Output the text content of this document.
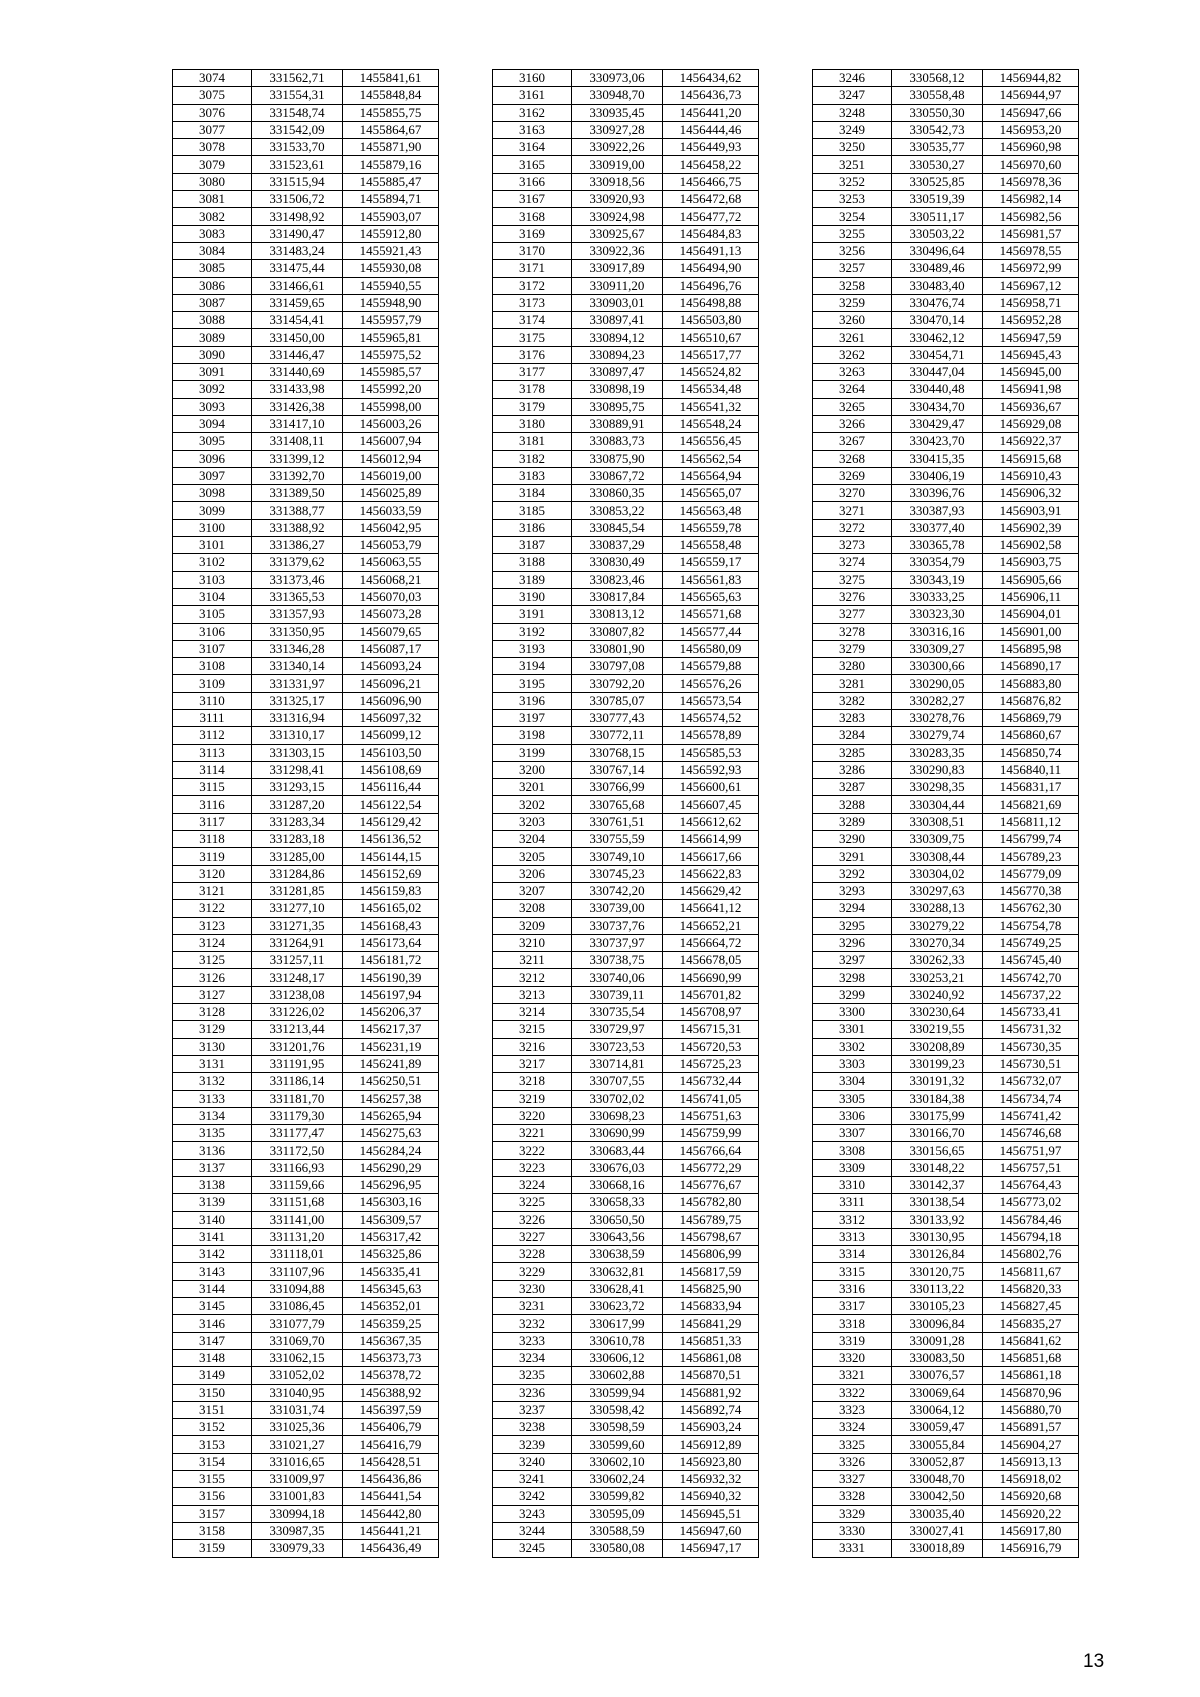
3074	331562,71	1455841,61
3075	331554,31	1455848,84
3076	331548,74	1455855,75
3077	331542,09	1455864,67
3078	331533,70	1455871,90
3079	331523,61	1455879,16
3080	331515,94	1455885,47
3081	331506,72	1455894,71
3082	331498,92	1455903,07
3083	331490,47	1455912,80
3084	331483,24	1455921,43
3085	331475,44	1455930,08
3086	331466,61	1455940,55
3087	331459,65	1455948,90
3088	331454,41	1455957,79
3089	331450,00	1455965,81
3090	331446,47	1455975,52
3091	331440,69	1455985,57
3092	331433,98	1455992,20
3093	331426,38	1455998,00
3094	331417,10	1456003,26
3095	331408,11	1456007,94
3096	331399,12	1456012,94
3097	331392,70	1456019,00
3098	331389,50	1456025,89
3099	331388,77	1456033,59
3100	331388,92	1456042,95
3101	331386,27	1456053,79
3102	331379,62	1456063,55
3103	331373,46	1456068,21
3104	331365,53	1456070,03
3105	331357,93	1456073,28
3106	331350,95	1456079,65
3107	331346,28	1456087,17
3108	331340,14	1456093,24
3109	331331,97	1456096,21
3110	331325,17	1456096,90
3111	331316,94	1456097,32
3112	331310,17	1456099,12
3113	331303,15	1456103,50
3114	331298,41	1456108,69
3115	331293,15	1456116,44
3116	331287,20	1456122,54
3117	331283,34	1456129,42
3118	331283,18	1456136,52
3119	331285,00	1456144,15
3120	331284,86	1456152,69
3121	331281,85	1456159,83
3122	331277,10	1456165,02
3123	331271,35	1456168,43
3124	331264,91	1456173,64
3125	331257,11	1456181,72
3126	331248,17	1456190,39
3127	331238,08	1456197,94
3128	331226,02	1456206,37
3129	331213,44	1456217,37
3130	331201,76	1456231,19
3131	331191,95	1456241,89
3132	331186,14	1456250,51
3133	331181,70	1456257,38
3134	331179,30	1456265,94
3135	331177,47	1456275,63
3136	331172,50	1456284,24
3137	331166,93	1456290,29
3138	331159,66	1456296,95
3139	331151,68	1456303,16
3140	331141,00	1456309,57
3141	331131,20	1456317,42
3142	331118,01	1456325,86
3143	331107,96	1456335,41
3144	331094,88	1456345,63
3145	331086,45	1456352,01
3146	331077,79	1456359,25
3147	331069,70	1456367,35
3148	331062,15	1456373,73
3149	331052,02	1456378,72
3150	331040,95	1456388,92
3151	331031,74	1456397,59
3152	331025,36	1456406,79
3153	331021,27	1456416,79
3154	331016,65	1456428,51
3155	331009,97	1456436,86
3156	331001,83	1456441,54
3157	330994,18	1456442,80
3158	330987,35	1456441,21
3159	330979,33	1456436,49
3160	330973,06	1456434,62
3161	330948,70	1456436,73
3162	330935,45	1456441,20
3163	330927,28	1456444,46
3164	330922,26	1456449,93
3165	330919,00	1456458,22
3166	330918,56	1456466,75
3167	330920,93	1456472,68
3168	330924,98	1456477,72
3169	330925,67	1456484,83
3170	330922,36	1456491,13
3171	330917,89	1456494,90
3172	330911,20	1456496,76
3173	330903,01	1456498,88
3174	330897,41	1456503,80
3175	330894,12	1456510,67
3176	330894,23	1456517,77
3177	330897,47	1456524,82
3178	330898,19	1456534,48
3179	330895,75	1456541,32
3180	330889,91	1456548,24
3181	330883,73	1456556,45
3182	330875,90	1456562,54
3183	330867,72	1456564,94
3184	330860,35	1456565,07
3185	330853,22	1456563,48
3186	330845,54	1456559,78
3187	330837,29	1456558,48
3188	330830,49	1456559,17
3189	330823,46	1456561,83
3190	330817,84	1456565,63
3191	330813,12	1456571,68
3192	330807,82	1456577,44
3193	330801,90	1456580,09
3194	330797,08	1456579,88
3195	330792,20	1456576,26
3196	330785,07	1456573,54
3197	330777,43	1456574,52
3198	330772,11	1456578,89
3199	330768,15	1456585,53
3200	330767,14	1456592,93
3201	330766,99	1456600,61
3202	330765,68	1456607,45
3203	330761,51	1456612,62
3204	330755,59	1456614,99
3205	330749,10	1456617,66
3206	330745,23	1456622,83
3207	330742,20	1456629,42
3208	330739,00	1456641,12
3209	330737,76	1456652,21
3210	330737,97	1456664,72
3211	330738,75	1456678,05
3212	330740,06	1456690,99
3213	330739,11	1456701,82
3214	330735,54	1456708,97
3215	330729,97	1456715,31
3216	330723,53	1456720,53
3217	330714,81	1456725,23
3218	330707,55	1456732,44
3219	330702,02	1456741,05
3220	330698,23	1456751,63
3221	330690,99	1456759,99
3222	330683,44	1456766,64
3223	330676,03	1456772,29
3224	330668,16	1456776,67
3225	330658,33	1456782,80
3226	330650,50	1456789,75
3227	330643,56	1456798,67
3228	330638,59	1456806,99
3229	330632,81	1456817,59
3230	330628,41	1456825,90
3231	330623,72	1456833,94
3232	330617,99	1456841,29
3233	330610,78	1456851,33
3234	330606,12	1456861,08
3235	330602,88	1456870,51
3236	330599,94	1456881,92
3237	330598,42	1456892,74
3238	330598,59	1456903,24
3239	330599,60	1456912,89
3240	330602,10	1456923,80
3241	330602,24	1456932,32
3242	330599,82	1456940,32
3243	330595,09	1456945,51
3244	330588,59	1456947,60
3245	330580,08	1456947,17
3246	330568,12	1456944,82
3247	330558,48	1456944,97
3248	330550,30	1456947,66
3249	330542,73	1456953,20
3250	330535,77	1456960,98
3251	330530,27	1456970,60
3252	330525,85	1456978,36
3253	330519,39	1456982,14
3254	330511,17	1456982,56
3255	330503,22	1456981,57
3256	330496,64	1456978,55
3257	330489,46	1456972,99
3258	330483,40	1456967,12
3259	330476,74	1456958,71
3260	330470,14	1456952,28
3261	330462,12	1456947,59
3262	330454,71	1456945,43
3263	330447,04	1456945,00
3264	330440,48	1456941,98
3265	330434,70	1456936,67
3266	330429,47	1456929,08
3267	330423,70	1456922,37
3268	330415,35	1456915,68
3269	330406,19	1456910,43
3270	330396,76	1456906,32
3271	330387,93	1456903,91
3272	330377,40	1456902,39
3273	330365,78	1456902,58
3274	330354,79	1456903,75
3275	330343,19	1456905,66
3276	330333,25	1456906,11
3277	330323,30	1456904,01
3278	330316,16	1456901,00
3279	330309,27	1456895,98
3280	330300,66	1456890,17
3281	330290,05	1456883,80
3282	330282,27	1456876,82
3283	330278,76	1456869,79
3284	330279,74	1456860,67
3285	330283,35	1456850,74
3286	330290,83	1456840,11
3287	330298,35	1456831,17
3288	330304,44	1456821,69
3289	330308,51	1456811,12
3290	330309,75	1456799,74
3291	330308,44	1456789,23
3292	330304,02	1456779,09
3293	330297,63	1456770,38
3294	330288,13	1456762,30
3295	330279,22	1456754,78
3296	330270,34	1456749,25
3297	330262,33	1456745,40
3298	330253,21	1456742,70
3299	330240,92	1456737,22
3300	330230,64	1456733,41
3301	330219,55	1456731,32
3302	330208,89	1456730,35
3303	330199,23	1456730,51
3304	330191,32	1456732,07
3305	330184,38	1456734,74
3306	330175,99	1456741,42
3307	330166,70	1456746,68
3308	330156,65	1456751,97
3309	330148,22	1456757,51
3310	330142,37	1456764,43
3311	330138,54	1456773,02
3312	330133,92	1456784,46
3313	330130,95	1456794,18
3314	330126,84	1456802,76
3315	330120,75	1456811,67
3316	330113,22	1456820,33
3317	330105,23	1456827,45
3318	330096,84	1456835,27
3319	330091,28	1456841,62
3320	330083,50	1456851,68
3321	330076,57	1456861,18
3322	330069,64	1456870,96
3323	330064,12	1456880,70
3324	330059,47	1456891,57
3325	330055,84	1456904,27
3326	330052,87	1456913,13
3327	330048,70	1456918,02
3328	330042,50	1456920,68
3329	330035,40	1456920,22
3330	330027,41	1456917,80
3331	330018,89	1456916,79
13
